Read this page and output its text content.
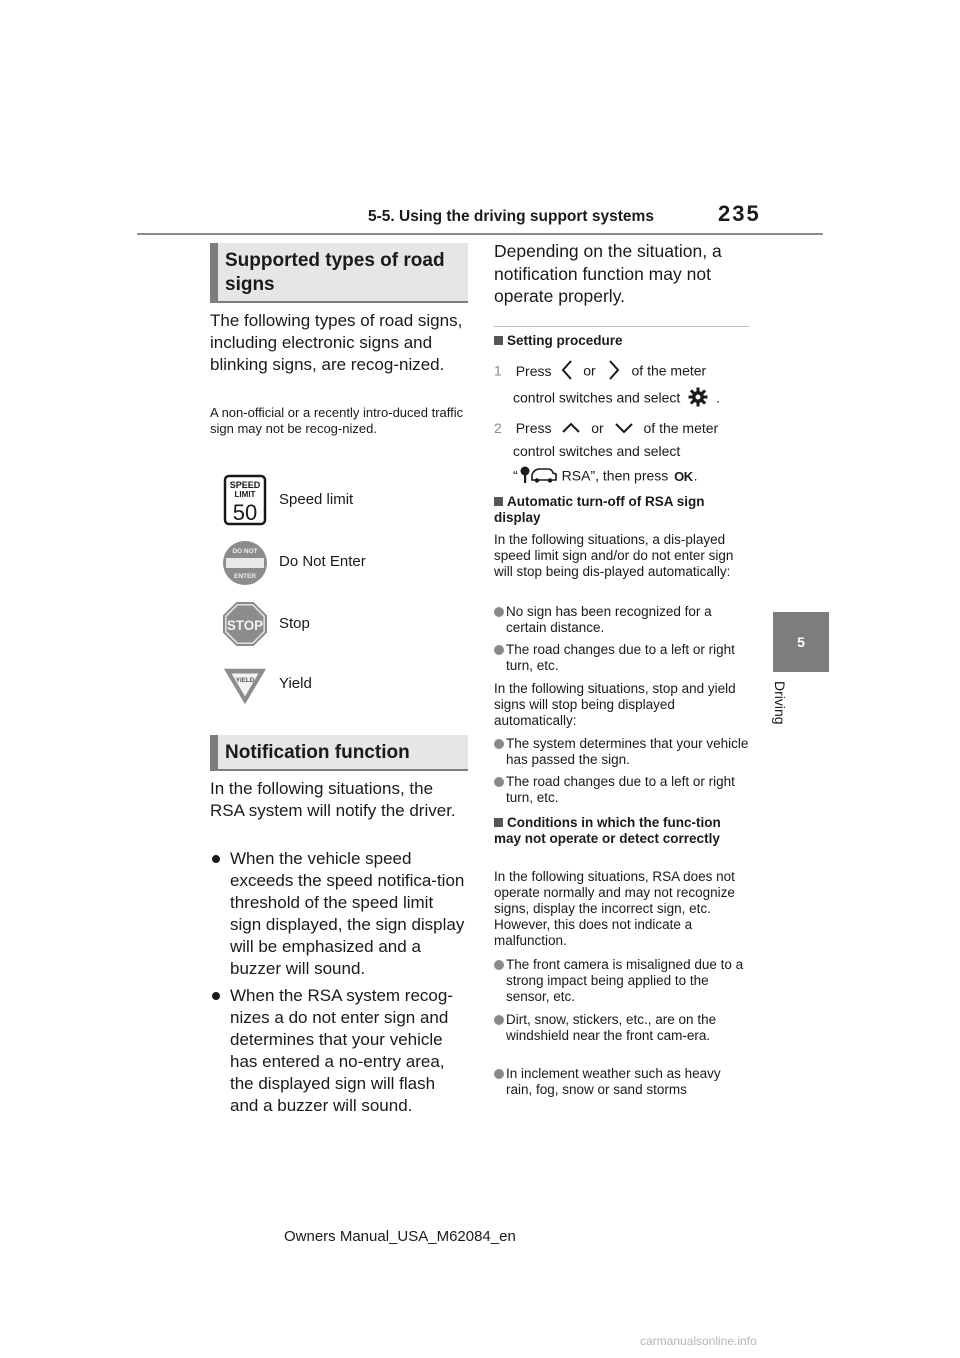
5-5. Using the driving support systems	235
5
Driving
Supported types of road signs
The following types of road signs, including electronic signs and blinking signs, are recog-nized.
A non-official or a recently intro-duced traffic sign may not be recog-nized.
SPEED
LIMIT
50
Speed limit
DO NOT
ENTER
Do Not Enter
STOP Stop
YIELD Yield
Notification function
In the following situations, the RSA system will notify the driver.
When the vehicle speed exceeds the speed notifica-tion threshold of the speed limit sign displayed, the sign display will be emphasized and a buzzer will sound.
When the RSA system recog-nizes a do not enter sign and determines that your vehicle has entered a no-entry area, the displayed sign will flash and a buzzer will sound.
Depending on the situation, a notification function may not operate properly.
Setting procedure
1 Press or	of the meter
control switches and select	.
2 Press	or	of the meter
control switches and select
“	RSA”, then press OK.
Automatic turn-off of RSA sign display
In the following situations, a dis-played speed limit sign and/or do not enter sign will stop being dis-played automatically:
No sign has been recognized for a certain distance.
The road changes due to a left or right turn, etc.
In the following situations, stop and yield signs will stop being displayed automatically:
The system determines that your vehicle has passed the sign.
The road changes due to a left or right turn, etc.
Conditions in which the func-tion may not operate or detect correctly
In the following situations, RSA does not operate normally and may not recognize signs, display the incorrect sign, etc. However, this does not indicate a malfunction.
The front camera is misaligned due to a strong impact being applied to the sensor, etc.
Dirt, snow, stickers, etc., are on the windshield near the front cam-era.
In inclement weather such as heavy rain, fog, snow or sand storms
Owners Manual_USA_M62084_en
carmanualsonline.info
